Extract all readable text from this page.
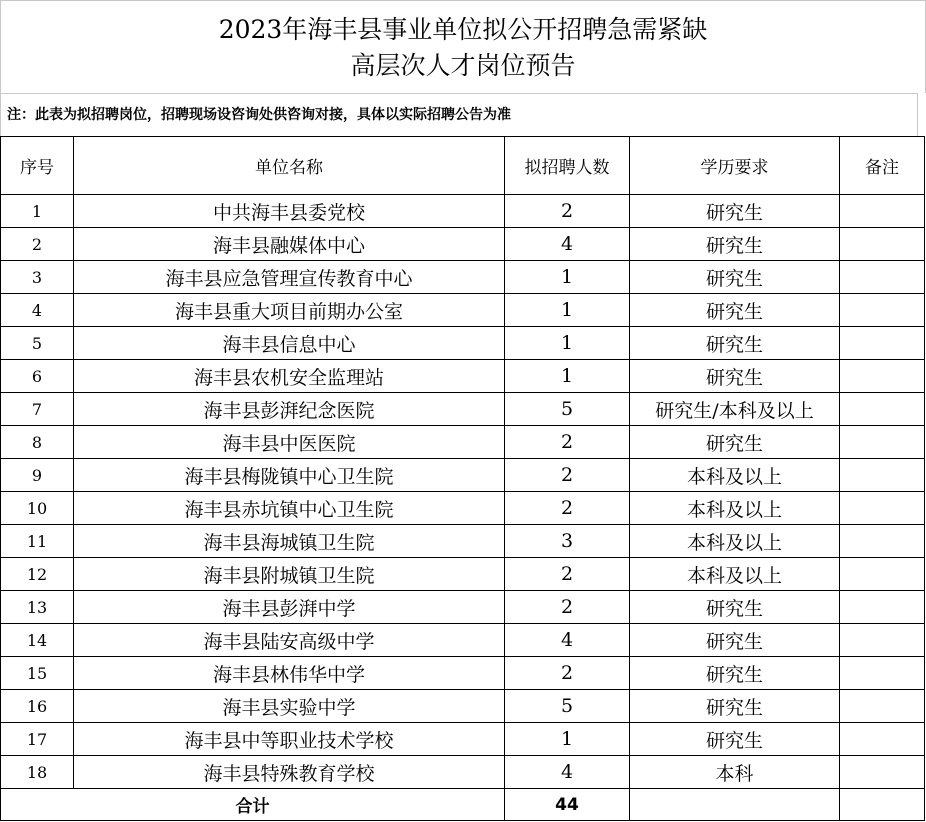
2023年海丰县事业单位拟公开招聘急需紧缺
高层次人才岗位预告
注：此表为拟招聘岗位，招聘现场设咨询处供咨询对接，具体以实际招聘公告为准
序号	单位名称	拟招聘人数	学历要求	备注
1	中共海丰县委党校	2	研究生	
2	海丰县融媒体中心	4	研究生	
3	海丰县应急管理宣传教育中心	1	研究生	
4	海丰县重大项目前期办公室	1	研究生	
5	海丰县信息中心	1	研究生	
6	海丰县农机安全监理站	1	研究生	
7	海丰县彭湃纪念医院	5	研究生/本科及以上	
8	海丰县中医医院	2	研究生	
9	海丰县梅陇镇中心卫生院	2	本科及以上	
10	海丰县赤坑镇中心卫生院	2	本科及以上	
11	海丰县海城镇卫生院	3	本科及以上	
12	海丰县附城镇卫生院	2	本科及以上	
13	海丰县彭湃中学	2	研究生	
14	海丰县陆安高级中学	4	研究生	
15	海丰县林伟华中学	2	研究生	
16	海丰县实验中学	5	研究生	
17	海丰县中等职业技术学校	1	研究生	
18	海丰县特殊教育学校	4	本科	
合计		44		
